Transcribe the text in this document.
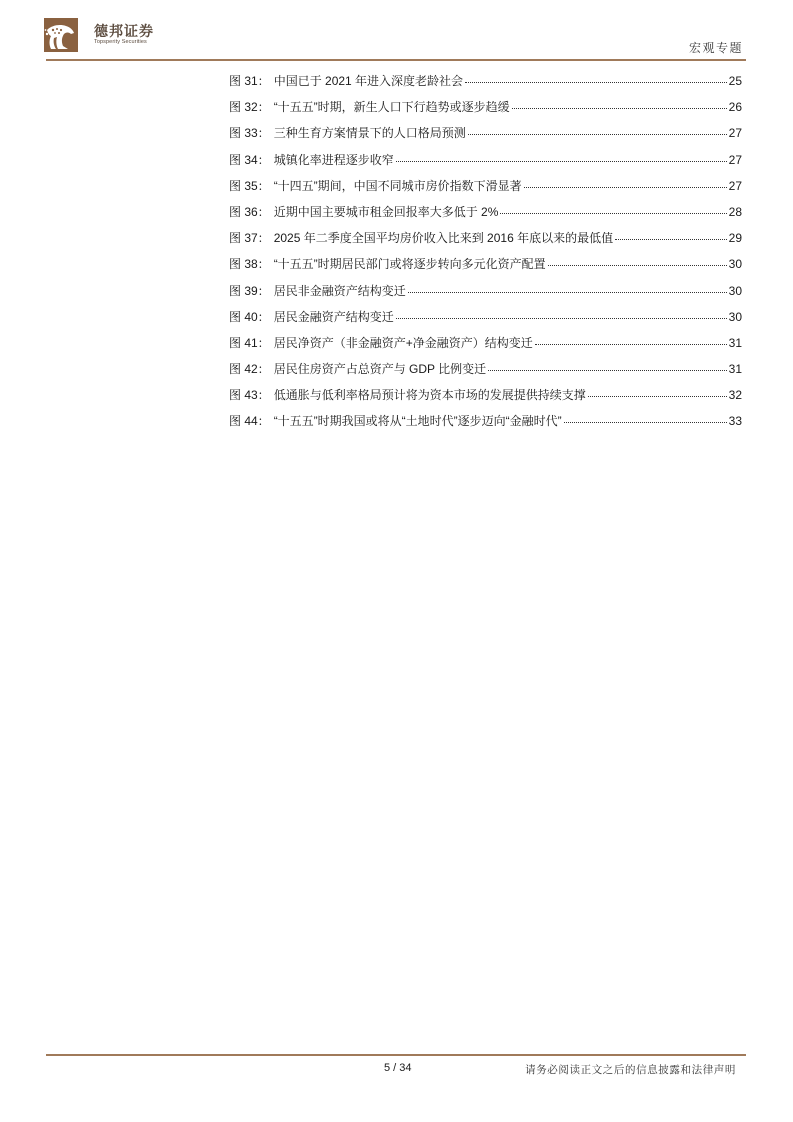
德邦证券
Topsperity Securities	宏观专题
图 31： 中国已于 2021 年进入深度老龄社会	25
图 32： “十五五”时期，新生人口下行趋势或逐步趋缓	26
图 33： 三种生育方案情景下的人口格局预测	27
图 34： 城镇化率进程逐步收窄	27
图 35： “十四五”期间，中国不同城市房价指数下滑显著	27
图 36： 近期中国主要城市租金回报率大多低于 2%	28
图 37： 2025 年二季度全国平均房价收入比来到 2016 年底以来的最低值	29
图 38： “十五五”时期居民部门或将逐步转向多元化资产配置	30
图 39： 居民非金融资产结构变迁	30
图 40： 居民金融资产结构变迁	30
图 41： 居民净资产（非金融资产+净金融资产）结构变迁	31
图 42： 居民住房资产占总资产与 GDP 比例变迁	31
图 43： 低通胀与低利率格局预计将为资本市场的发展提供持续支撑	32
图 44： “十五五”时期我国或将从“土地时代”逐步迈向“金融时代”	33
5 / 34	请务必阅读正文之后的信息披露和法律声明
